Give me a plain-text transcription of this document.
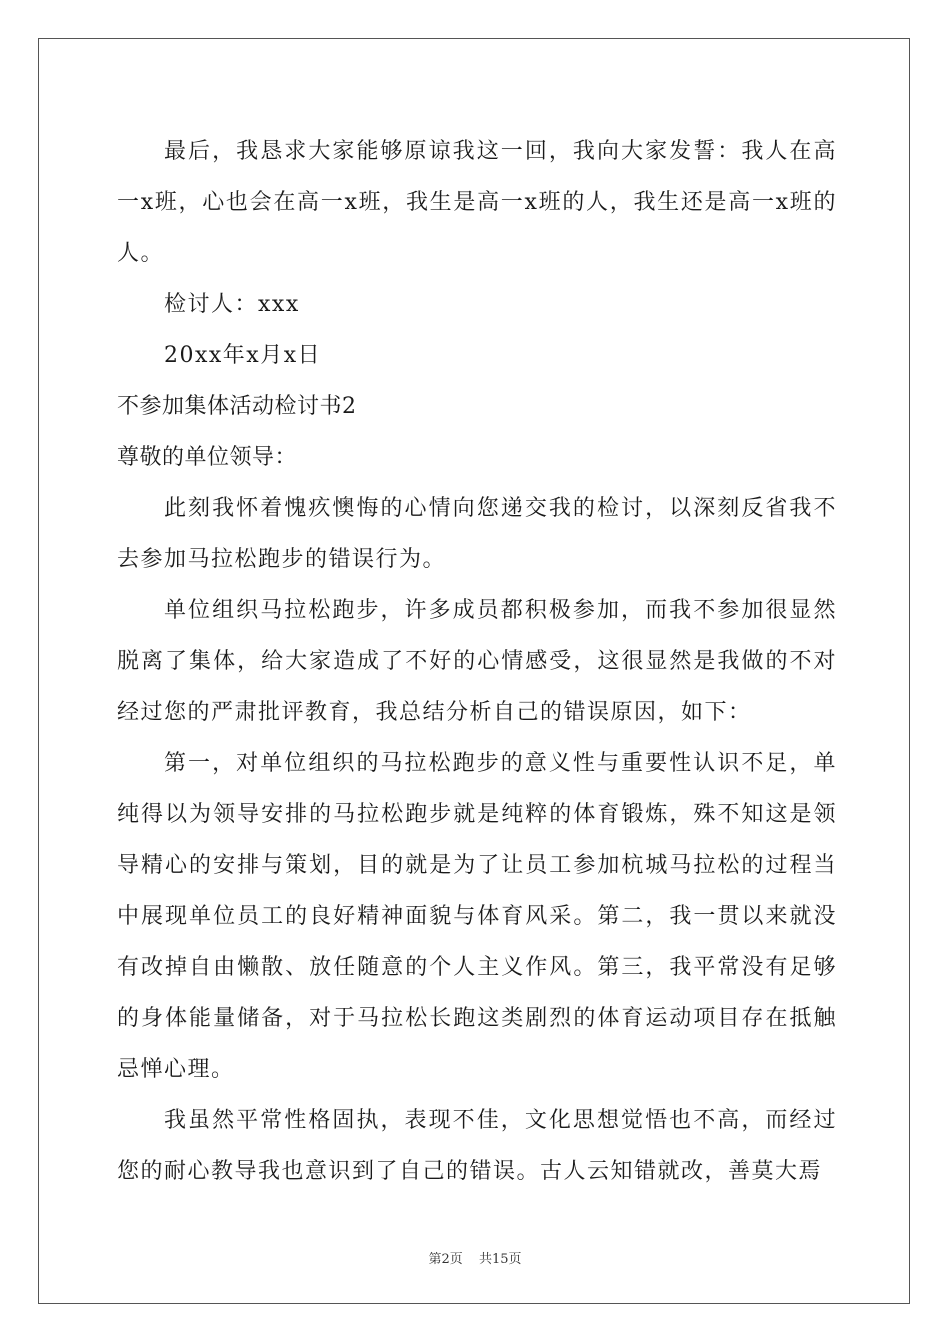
最后，我恳求大家能够原谅我这一回，我向大家发誓：我人在高一x班，心也会在高一x班，我生是高一x班的人，我生还是高一x班的人。

检讨人：xxx

20xx年x月x日

不参加集体活动检讨书2

尊敬的单位领导：

此刻我怀着愧疚懊悔的心情向您递交我的检讨，以深刻反省我不去参加马拉松跑步的错误行为。

单位组织马拉松跑步，许多成员都积极参加，而我不参加很显然脱离了集体，给大家造成了不好的心情感受，这很显然是我做的不对经过您的严肃批评教育，我总结分析自己的错误原因，如下：

第一，对单位组织的马拉松跑步的意义性与重要性认识不足，单纯得以为领导安排的马拉松跑步就是纯粹的体育锻炼，殊不知这是领导精心的安排与策划，目的就是为了让员工参加杭城马拉松的过程当中展现单位员工的良好精神面貌与体育风采。第二，我一贯以来就没有改掉自由懒散、放任随意的个人主义作风。第三，我平常没有足够的身体能量储备，对于马拉松长跑这类剧烈的体育运动项目存在抵触忌惮心理。

我虽然平常性格固执，表现不佳，文化思想觉悟也不高，而经过您的耐心教导我也意识到了自己的错误。古人云知错就改，善莫大焉

第2页 共15页
